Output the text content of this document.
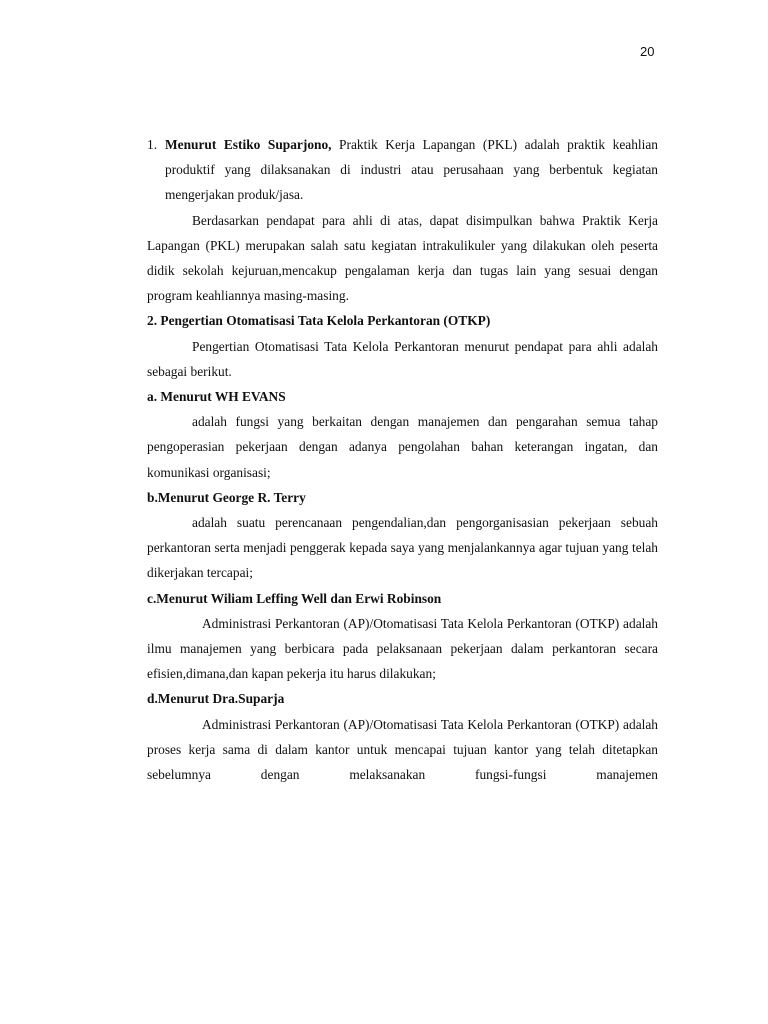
20

1. Menurut Estiko Suparjono, Praktik Kerja Lapangan (PKL) adalah praktik keahlian produktif yang dilaksanakan di industri atau perusahaan yang berbentuk kegiatan mengerjakan produk/jasa.

Berdasarkan pendapat para ahli di atas, dapat disimpulkan bahwa Praktik Kerja Lapangan (PKL) merupakan salah satu kegiatan intrakulikuler yang dilakukan oleh peserta didik sekolah kejuruan,mencakup pengalaman kerja dan tugas lain yang sesuai dengan program keahliannya masing-masing.

2. Pengertian Otomatisasi Tata Kelola Perkantoran (OTKP)

Pengertian Otomatisasi Tata Kelola Perkantoran menurut pendapat para ahli adalah sebagai berikut.

a. Menurut WH EVANS

adalah fungsi yang berkaitan dengan manajemen dan pengarahan semua tahap pengoperasian pekerjaan dengan adanya pengolahan bahan keterangan ingatan, dan komunikasi organisasi;

b.Menurut George R. Terry

adalah suatu perencanaan pengendalian,dan pengorganisasian pekerjaan sebuah perkantoran serta menjadi penggerak kepada saya yang menjalankannya agar tujuan yang telah dikerjakan tercapai;

c.Menurut Wiliam Leffing Well dan Erwi Robinson

Administrasi Perkantoran (AP)/Otomatisasi Tata Kelola Perkantoran (OTKP) adalah ilmu manajemen yang berbicara pada pelaksanaan pekerjaan dalam perkantoran secara efisien,dimana,dan kapan pekerja itu harus dilakukan;

d.Menurut Dra.Suparja

Administrasi Perkantoran (AP)/Otomatisasi Tata Kelola Perkantoran (OTKP) adalah proses kerja sama di dalam kantor untuk mencapai tujuan kantor yang telah ditetapkan sebelumnya dengan melaksanakan fungsi-fungsi manajemen
